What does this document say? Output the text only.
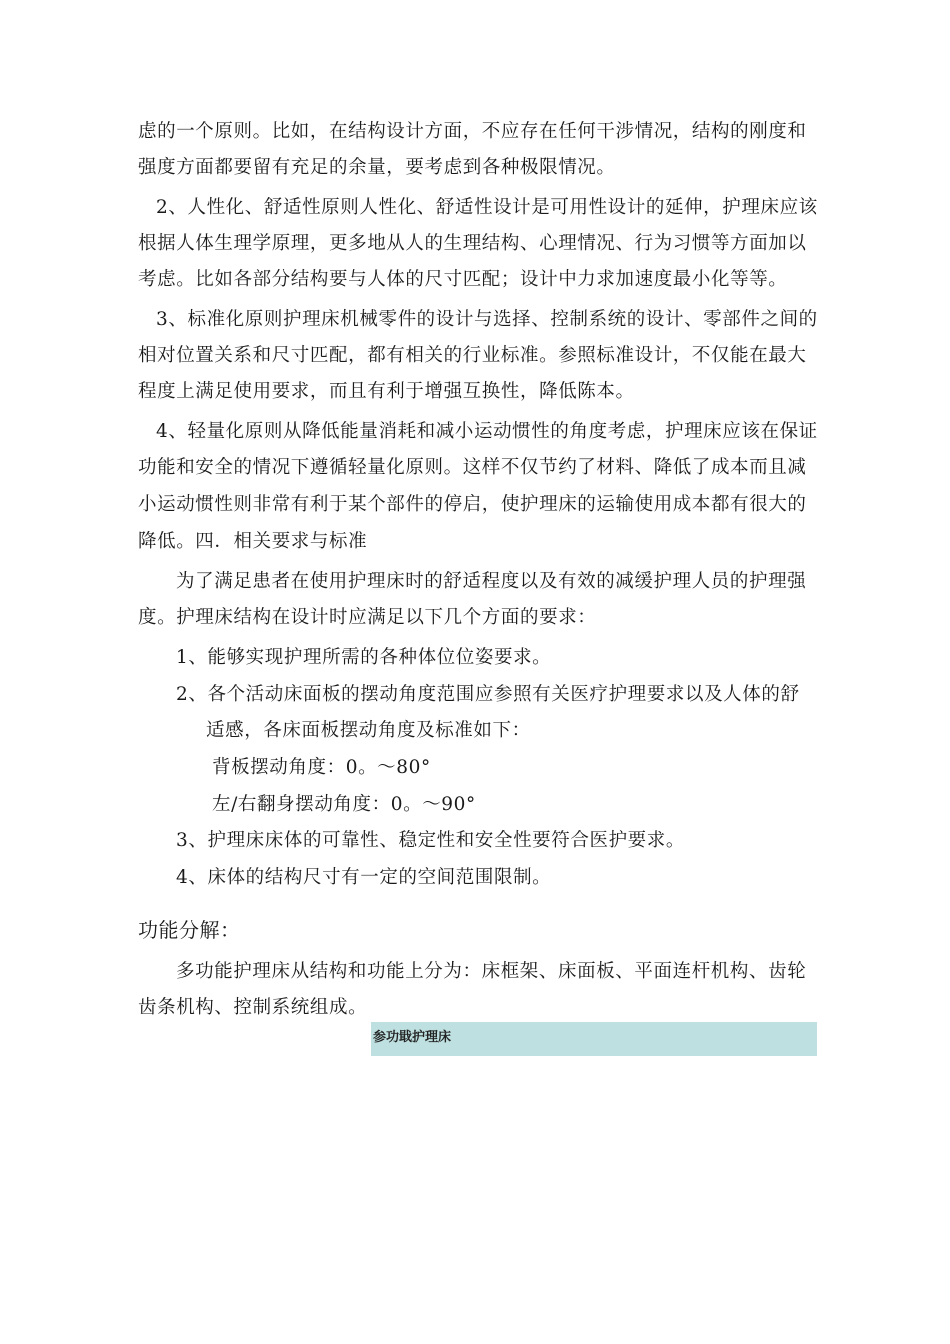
虑的一个原则。比如，在结构设计方面，不应存在任何干涉情况，结构的刚度和
强度方面都要留有充足的余量，要考虑到各种极限情况。
2、人性化、舒适性原则人性化、舒适性设计是可用性设计的延伸，护理床应该
根据人体生理学原理，更多地从人的生理结构、心理情况、行为习惯等方面加以
考虑。比如各部分结构要与人体的尺寸匹配；设计中力求加速度最小化等等。
3、标准化原则护理床机械零件的设计与选择、控制系统的设计、零部件之间的
相对位置关系和尺寸匹配，都有相关的行业标准。参照标准设计，不仅能在最大
程度上满足使用要求，而且有利于增强互换性，降低陈本。
4、轻量化原则从降低能量消耗和减小运动惯性的角度考虑，护理床应该在保证
功能和安全的情况下遵循轻量化原则。这样不仅节约了材料、降低了成本而且减
小运动惯性则非常有利于某个部件的停启，使护理床的运输使用成本都有很大的
降低。四．相关要求与标准
为了满足患者在使用护理床时的舒适程度以及有效的减缓护理人员的护理强
度。护理床结构在设计时应满足以下几个方面的要求：
1、能够实现护理所需的各种体位位姿要求。
2、各个活动床面板的摆动角度范围应参照有关医疗护理要求以及人体的舒
适感，各床面板摆动角度及标准如下：
背板摆动角度：0。〜80°
左/右翻身摆动角度：0。〜90°
3、护理床床体的可靠性、稳定性和安全性要符合医护要求。
4、床体的结构尺寸有一定的空间范围限制。
功能分解：
多功能护理床从结构和功能上分为：床框架、床面板、平面连杆机构、齿轮
齿条机构、控制系统组成。
参功戢护理床
